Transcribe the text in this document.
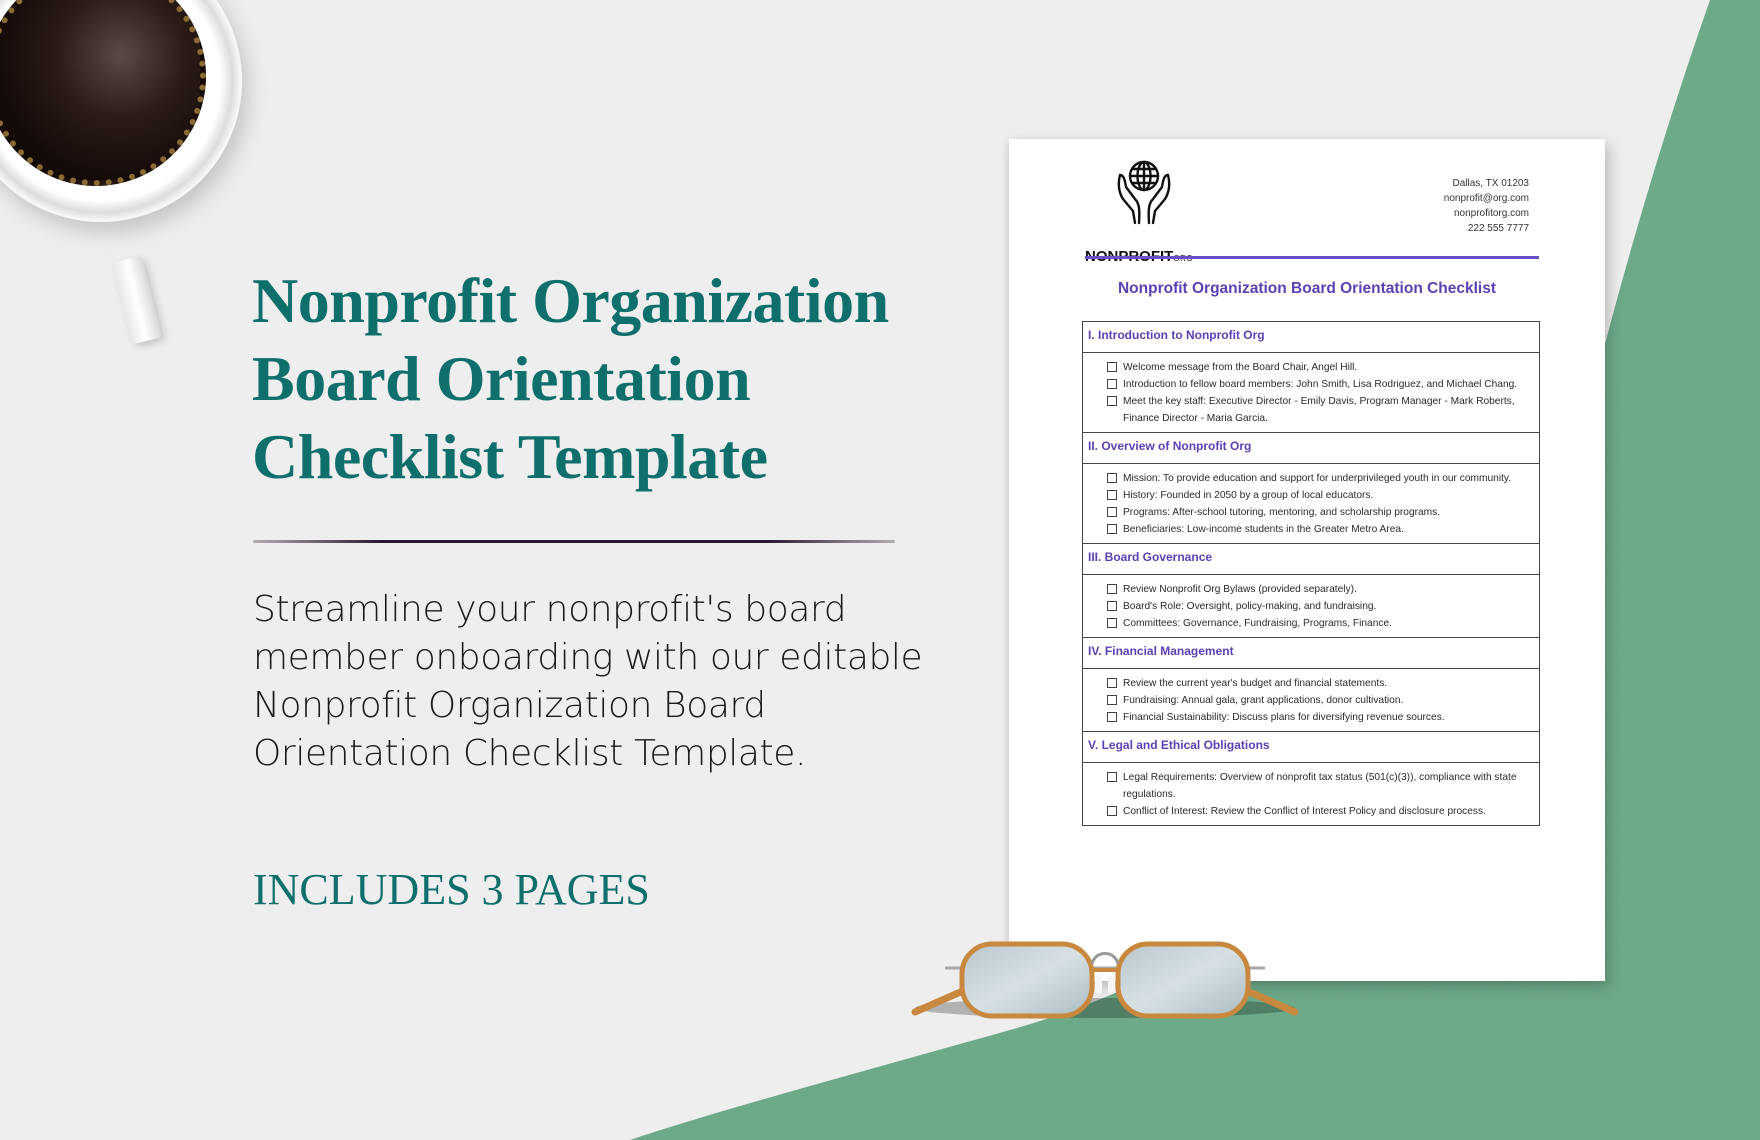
Nonprofit Organization
Board Orientation
Checklist Template

Streamline your nonprofit's board
member onboarding with our editable
Nonprofit Organization Board
Orientation Checklist Template.

INCLUDES 3 PAGES
Dallas, TX 01203
nonprofit@org.com
nonprofitorg.com
222 555 7777
Nonprofit Organization Board Orientation Checklist
I. Introduction to Nonprofit Org
Welcome message from the Board Chair, Angel Hill.
Introduction to fellow board members: John Smith, Lisa Rodriguez, and Michael Chang.
Meet the key staff: Executive Director - Emily Davis, Program Manager - Mark Roberts, Finance Director - Maria Garcia.
II. Overview of Nonprofit Org
Mission: To provide education and support for underprivileged youth in our community.
History: Founded in 2050 by a group of local educators.
Programs: After-school tutoring, mentoring, and scholarship programs.
Beneficiaries: Low-income students in the Greater Metro Area.
III. Board Governance
Review Nonprofit Org Bylaws (provided separately).
Board's Role: Oversight, policy-making, and fundraising.
Committees: Governance, Fundraising, Programs, Finance.
IV. Financial Management
Review the current year's budget and financial statements.
Fundraising: Annual gala, grant applications, donor cultivation.
Financial Sustainability: Discuss plans for diversifying revenue sources.
V. Legal and Ethical Obligations
Legal Requirements: Overview of nonprofit tax status (501(c)(3)), compliance with state regulations.
Conflict of Interest: Review the Conflict of Interest Policy and disclosure process.
